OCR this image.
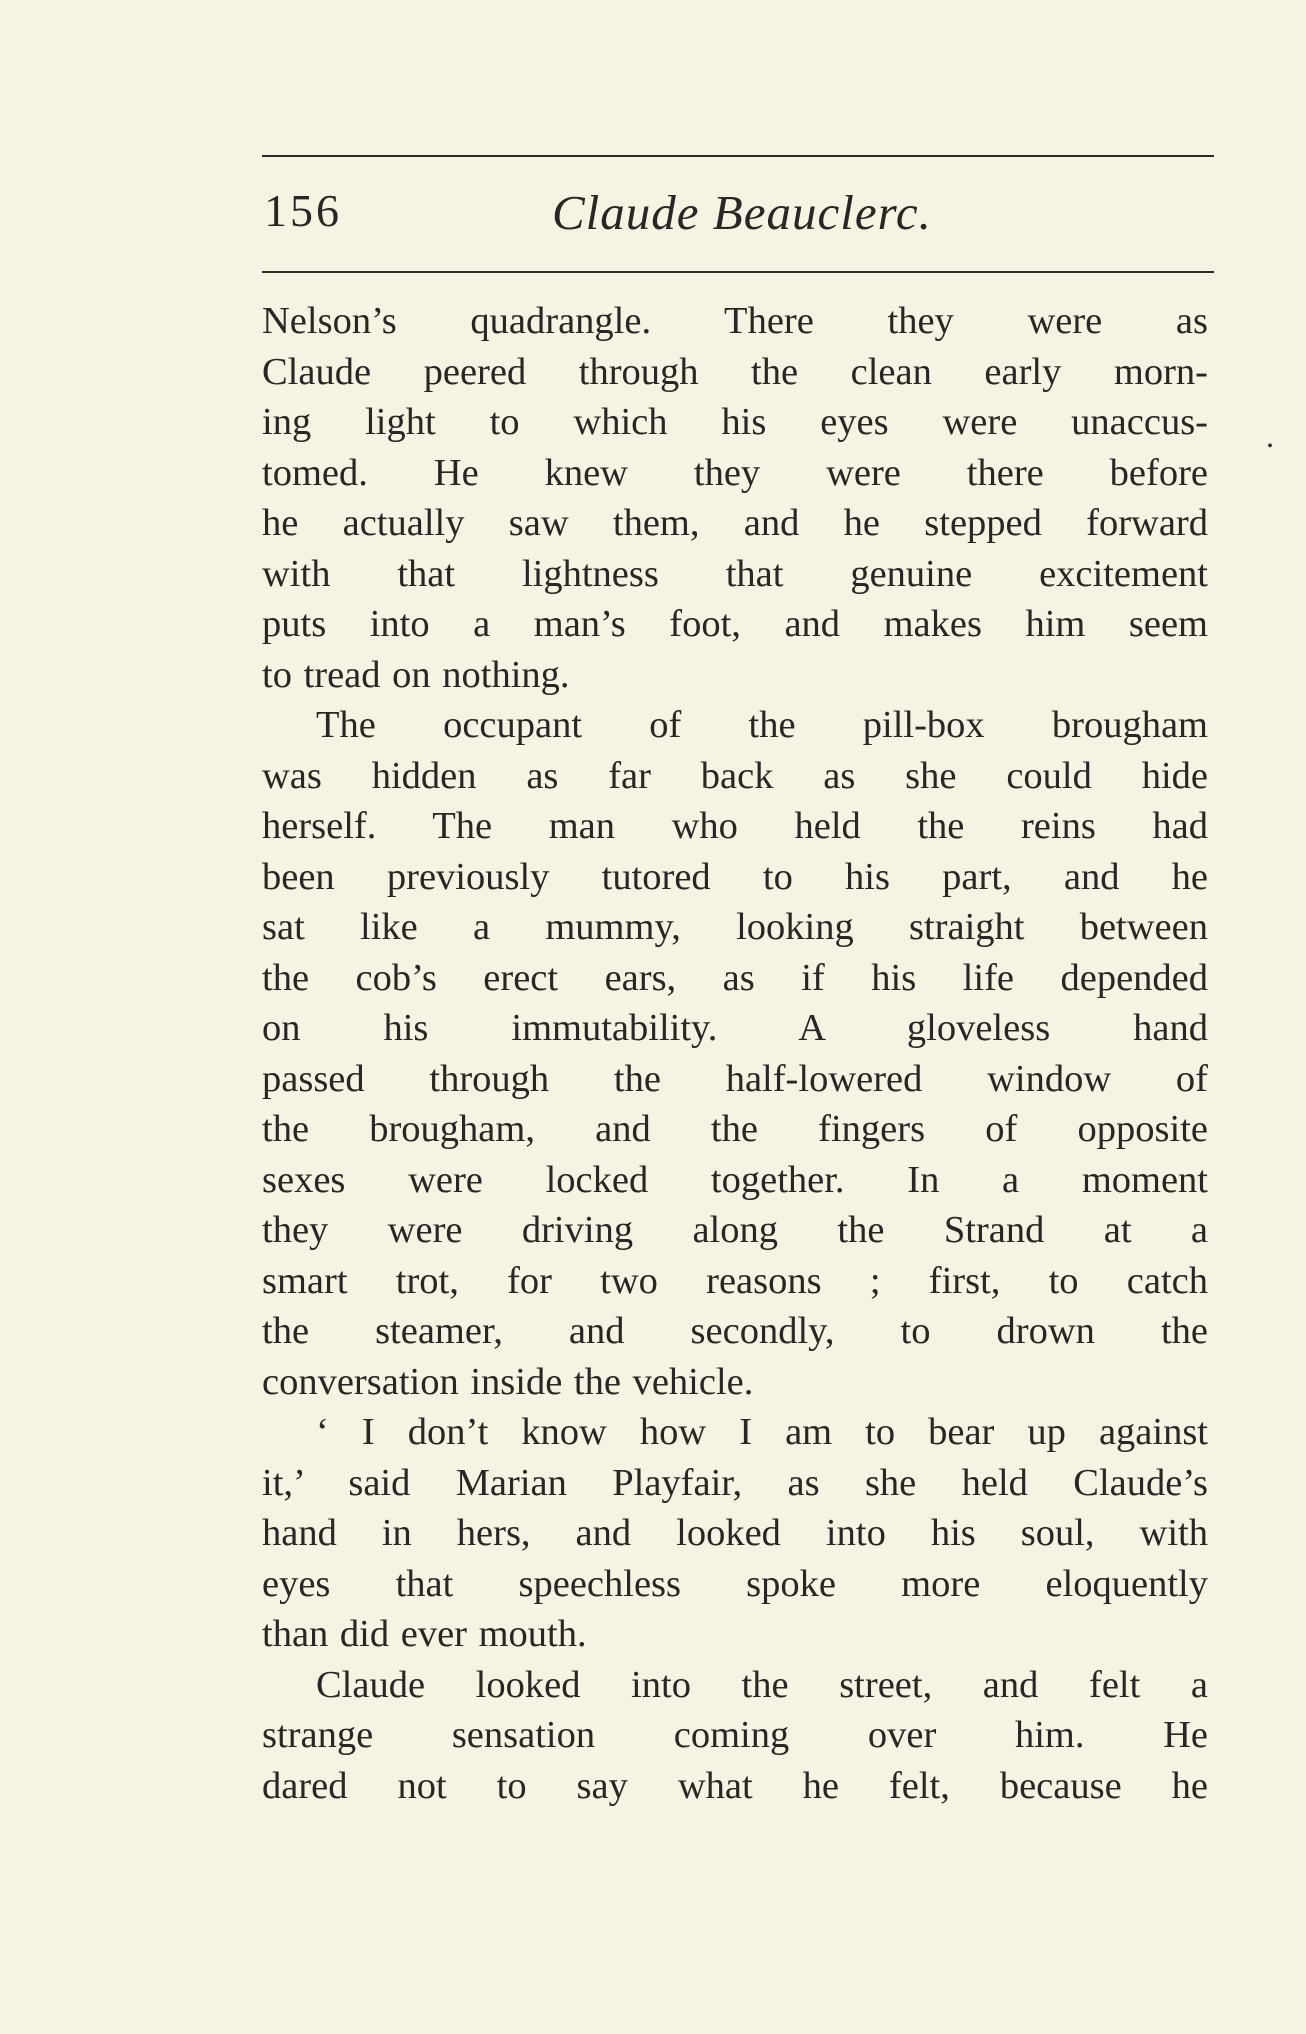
156	Claude Beauclerc.
.
Nelson’s quadrangle. There they were as
Claude peered through the clean early morn-
ing light to which his eyes were unaccus-
tomed. He knew they were there before
he actually saw them, and he stepped forward
with that lightness that genuine excitement
puts into a man’s foot, and makes him seem
to tread on nothing.
The occupant of the pill-box brougham
was hidden as far back as she could hide
herself. The man who held the reins had
been previously tutored to his part, and he
sat like a mummy, looking straight between
the cob’s erect ears, as if his life depended
on his immutability. A gloveless hand
passed through the half-lowered window of
the brougham, and the fingers of opposite
sexes were locked together. In a moment
they were driving along the Strand at a
smart trot, for two reasons ; first, to catch
the steamer, and secondly, to drown the
conversation inside the vehicle.
‘ I don’t know how I am to bear up against
it,’ said Marian Playfair, as she held Claude’s
hand in hers, and looked into his soul, with
eyes that speechless spoke more eloquently
than did ever mouth.
Claude looked into the street, and felt a
strange sensation coming over him. He
dared not to say what he felt, because he
